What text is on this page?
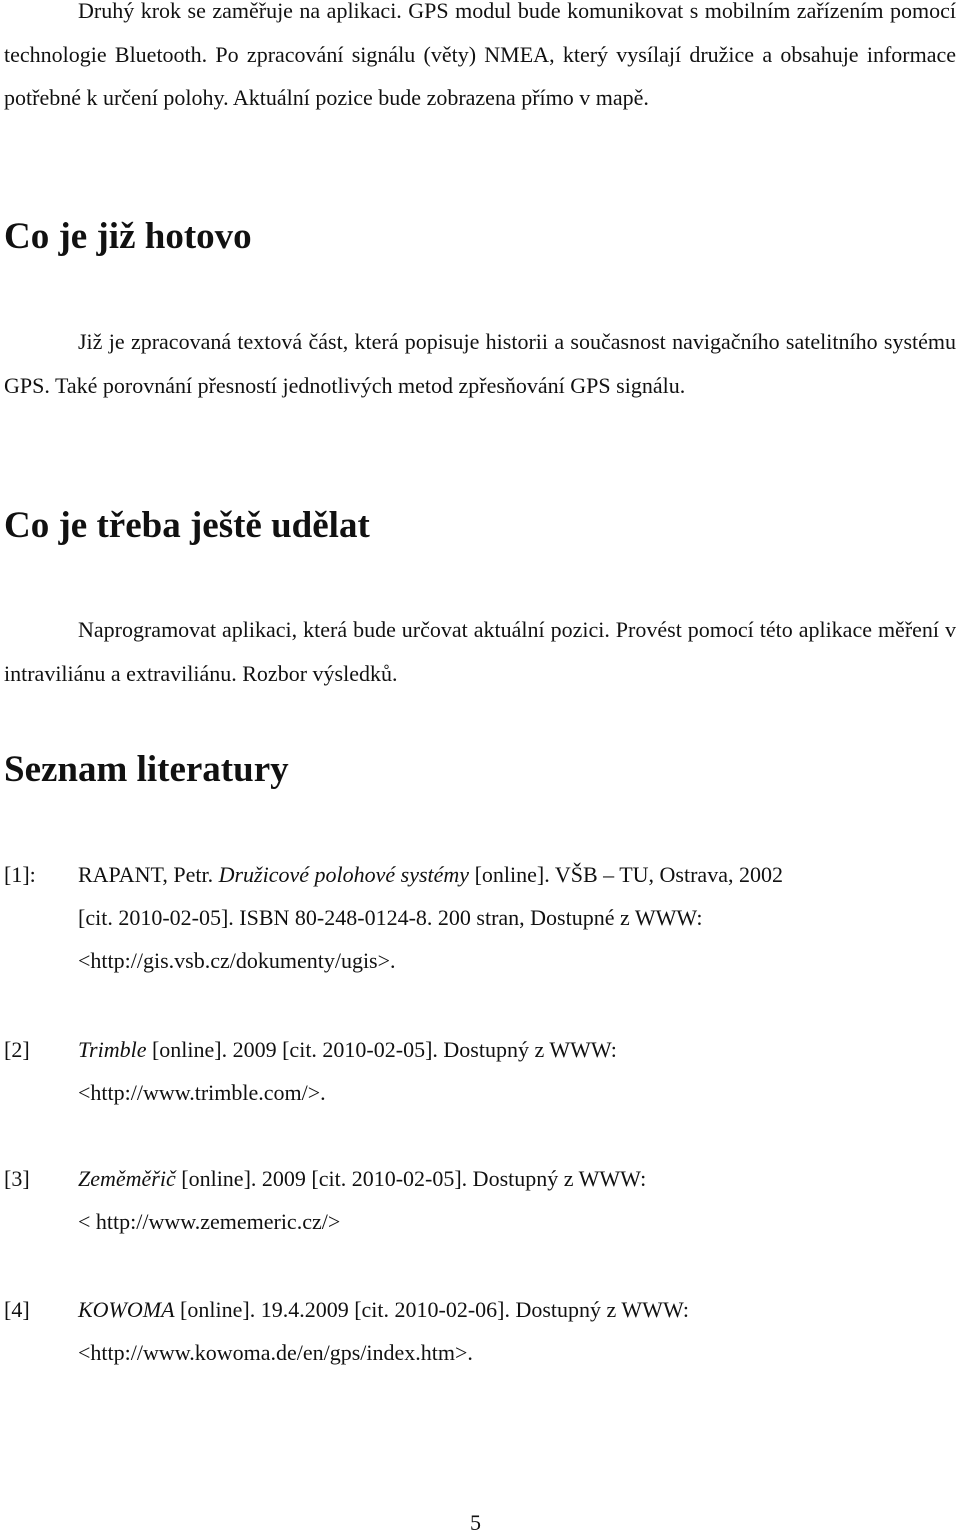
Druhý krok se zaměřuje na aplikaci. GPS modul bude komunikovat s mobilním zařízením pomocí technologie Bluetooth. Po zpracování signálu (věty) NMEA, který vysílají družice a obsahuje informace potřebné k určení polohy. Aktuální pozice bude zobrazena přímo v mapě.

Co je již hotovo

Již je zpracovaná textová část, která popisuje historii a současnost navigačního satelitního systému GPS. Také porovnání přesností jednotlivých metod zpřesňování GPS signálu.

Co je třeba ještě udělat

Naprogramovat aplikaci, která bude určovat aktuální pozici. Provést pomocí této aplikace měření v intraviliánu a extraviliánu. Rozbor výsledků.

Seznam literatury
[1]: RAPANT, Petr. Družicové polohové systémy [online]. VŠB – TU, Ostrava, 2002
[cit. 2010-02-05]. ISBN 80-248-0124-8. 200 stran, Dostupné z WWW:
<http://gis.vsb.cz/dokumenty/ugis>.
[2] Trimble [online]. 2009 [cit. 2010-02-05]. Dostupný z WWW:
<http://www.trimble.com/>.
[3] Zeměměřič [online]. 2009 [cit. 2010-02-05]. Dostupný z WWW:
< http://www.zememeric.cz/>
[4] KOWOMA [online]. 19.4.2009 [cit. 2010-02-06]. Dostupný z WWW:
<http://www.kowoma.de/en/gps/index.htm>.
5
